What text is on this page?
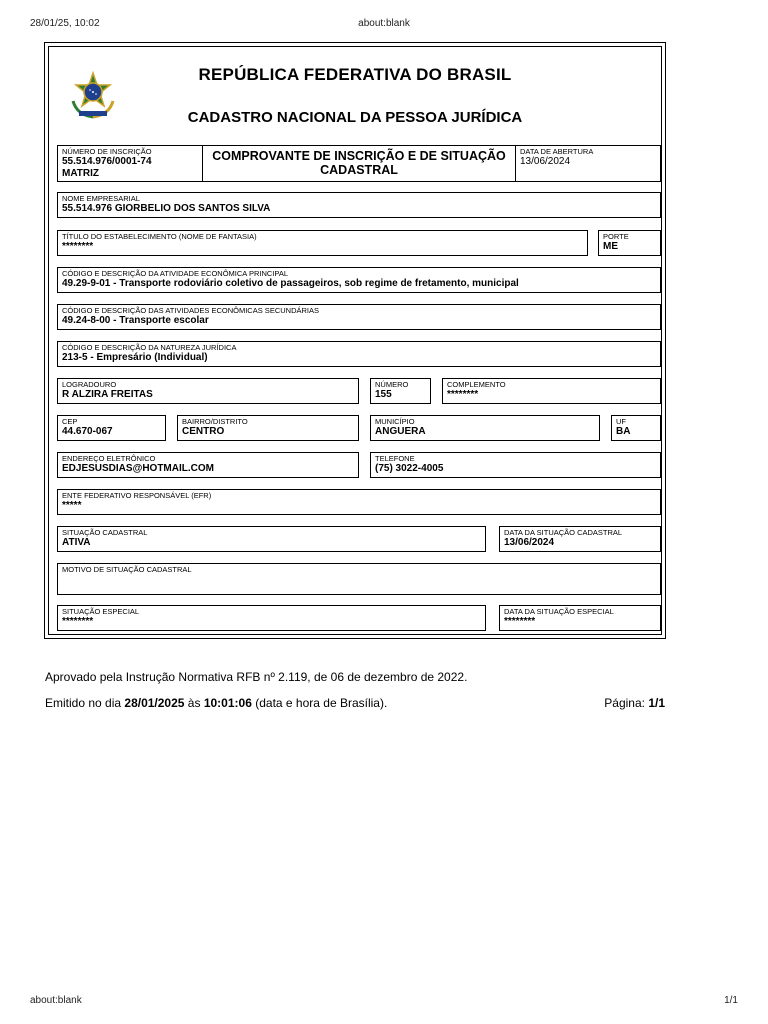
28/01/25, 10:02	about:blank
about:blank	1/1
REPÚBLICA FEDERATIVA DO BRASIL
CADASTRO NACIONAL DA PESSOA JURÍDICA
NÚMERO DE INSCRIÇÃO
55.514.976/0001-74
MATRIZ
COMPROVANTE DE INSCRIÇÃO E DE SITUAÇÃO
CADASTRAL
DATA DE ABERTURA
13/06/2024
NOME EMPRESARIAL
55.514.976 GIORBELIO DOS SANTOS SILVA
TÍTULO DO ESTABELECIMENTO (NOME DE FANTASIA)
********
PORTE
ME
CÓDIGO E DESCRIÇÃO DA ATIVIDADE ECONÔMICA PRINCIPAL
49.29-9-01 - Transporte rodoviário coletivo de passageiros, sob regime de fretamento, municipal
CÓDIGO E DESCRIÇÃO DAS ATIVIDADES ECONÔMICAS SECUNDÁRIAS
49.24-8-00 - Transporte escolar
CÓDIGO E DESCRIÇÃO DA NATUREZA JURÍDICA
213-5 - Empresário (Individual)
LOGRADOURO
R ALZIRA FREITAS
NÚMERO
155
COMPLEMENTO
********
CEP
44.670-067
BAIRRO/DISTRITO
CENTRO
MUNICÍPIO
ANGUERA
UF
BA
ENDEREÇO ELETRÔNICO
EDJESUSDIAS@HOTMAIL.COM
TELEFONE
(75) 3022-4005
ENTE FEDERATIVO RESPONSÁVEL (EFR)
*****
SITUAÇÃO CADASTRAL
ATIVA
DATA DA SITUAÇÃO CADASTRAL
13/06/2024
MOTIVO DE SITUAÇÃO CADASTRAL
SITUAÇÃO ESPECIAL
********
DATA DA SITUAÇÃO ESPECIAL
********
Aprovado pela Instrução Normativa RFB nº 2.119, de 06 de dezembro de 2022.
Emitido no dia 28/01/2025 às 10:01:06 (data e hora de Brasília).	Página: 1/1
